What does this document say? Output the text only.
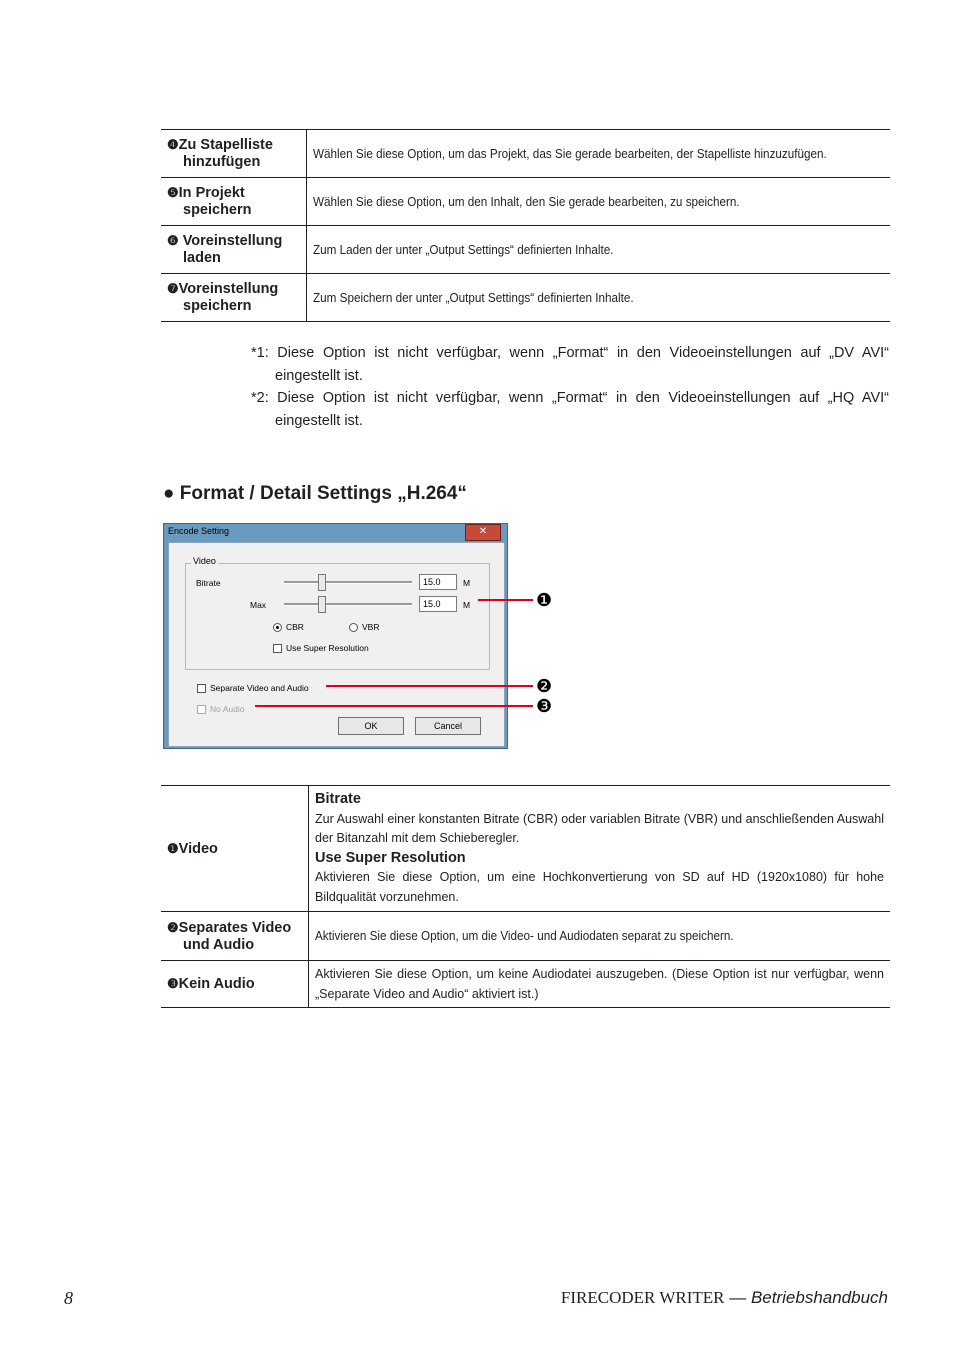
❹Zu Stapelliste hinzufügen	Wählen Sie diese Option, um das Projekt, das Sie gerade bearbeiten, der Stapelliste hinzuzufügen.

❺In Projekt speichern	Wählen Sie diese Option, um den Inhalt, den Sie gerade bearbeiten, zu speichern.

❻ Voreinstellung laden	Zum Laden der unter „Output Settings“ definierten Inhalte.

❼Voreinstellung speichern	Zum Speichern der unter „Output Settings“ definierten Inhalte.
*1: Diese Option ist nicht verfügbar, wenn „Format“ in den Videoeinstellungen auf „DV AVI“ eingestellt ist.
*2: Diese Option ist nicht verfügbar, wenn „Format“ in den Videoeinstellungen auf „HQ AVI“ eingestellt ist.
● Format / Detail Settings „H.264“
Encode Setting	✕
Video
Bitrate	15.0	M
Max	15.0	M
CBR	VBR
Use Super Resolution
Separate Video and Audio
No Audio
OK	Cancel
❶
❷
❸
❶Video	Bitrate
Zur Auswahl einer konstanten Bitrate (CBR) oder variablen Bitrate (VBR) und anschließenden Auswahl der Bitanzahl mit dem Schieberegler.
Use Super Resolution
Aktivieren Sie diese Option, um eine Hochkonvertierung von SD auf HD (1920x1080) für hohe Bildqualität vorzunehmen.

❷Separates Video und Audio	Aktivieren Sie diese Option, um die Video- und Audiodaten separat zu speichern.

❸Kein Audio	Aktivieren Sie diese Option, um keine Audiodatei auszugeben. (Diese Option ist nur verfügbar, wenn „Separate Video and Audio“ aktiviert ist.)
8	FIRECODER WRITER — Betriebshandbuch
